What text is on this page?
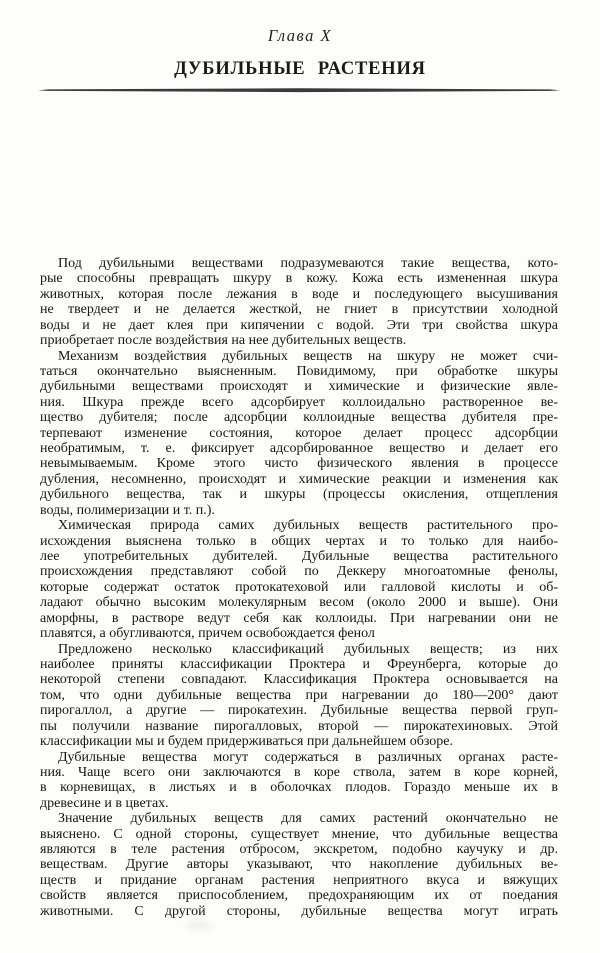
Глава X
ДУБИЛЬНЫЕ РАСТЕНИЯ

Под дубильными веществами подразумеваются такие вещества, кото-
рые способны превращать шкуру в кожу. Кожа есть измененная шкура
животных, которая после лежания в воде и последующего высушивания
не твердеет и не делается жесткой, не гниет в присутствии холодной
воды и не дает клея при кипячении с водой. Эти три свойства шкура
приобретает после воздействия на нее дубительных веществ.

Механизм воздействия дубильных веществ на шкуру не может счи-
таться окончательно выясненным. Повидимому, при обработке шкуры
дубильными веществами происходят и химические и физические явле-
ния. Шкура прежде всего адсорбирует коллоидально растворенное ве-
щество дубителя; после адсорбции коллоидные вещества дубителя пре-
терпевают изменение состояния, которое делает процесс адсорбции
необратимым, т. е. фиксирует адсорбированное вещество и делает его
невымываемым. Кроме этого чисто физического явления в процессе
дубления, несомненно, происходят и химические реакции и изменения как
дубильного вещества, так и шкуры (процессы окисления, отщепления
воды, полимеризации и т. п.).

Химическая природа самих дубильных веществ растительного про-
исхождения выяснена только в общих чертах и то только для наибо-
лее употребительных дубителей. Дубильные вещества растительного
происхождения представляют собой по Деккеру многоатомные фенолы,
которые содержат остаток протокатеховой или галловой кислоты и об-
ладают обычно высоким молекулярным весом (около 2000 и выше). Они
аморфны, в растворе ведут себя как коллоиды. При нагревании они не
плавятся, а обугливаются, причем освобождается фенол

Предложено несколько классификаций дубильных веществ; из них
наиболее приняты классификации Проктера и Фреунберга, которые до
некоторой степени совпадают. Классификация Проктера основывается на
том, что одни дубильные вещества при нагревании до 180—200° дают
пирогаллол, а другие — пирокатехин. Дубильные вещества первой груп-
пы получили название пирогалловых, второй — пирокатехиновых. Этой
классификации мы и будем придерживаться при дальнейшем обзоре.

Дубильные вещества могут содержаться в различных органах расте-
ния. Чаще всего они заключаются в коре ствола, затем в коре корней,
в корневищах, в листьях и в оболочках плодов. Гораздо меньше их в
древесине и в цветах.

Значение дубильных веществ для самих растений окончательно не
выяснено. С одной стороны, существует мнение, что дубильные вещества
являются в теле растения отбросом, экскретом, подобно каучуку и др.
веществам. Другие авторы указывают, что накопление дубильных ве-
ществ и придание органам растения неприятного вкуса и вяжущих
свойств является приспособлением, предохраняющим их от поедания
животными. С другой стороны, дубильные вещества могут играть
